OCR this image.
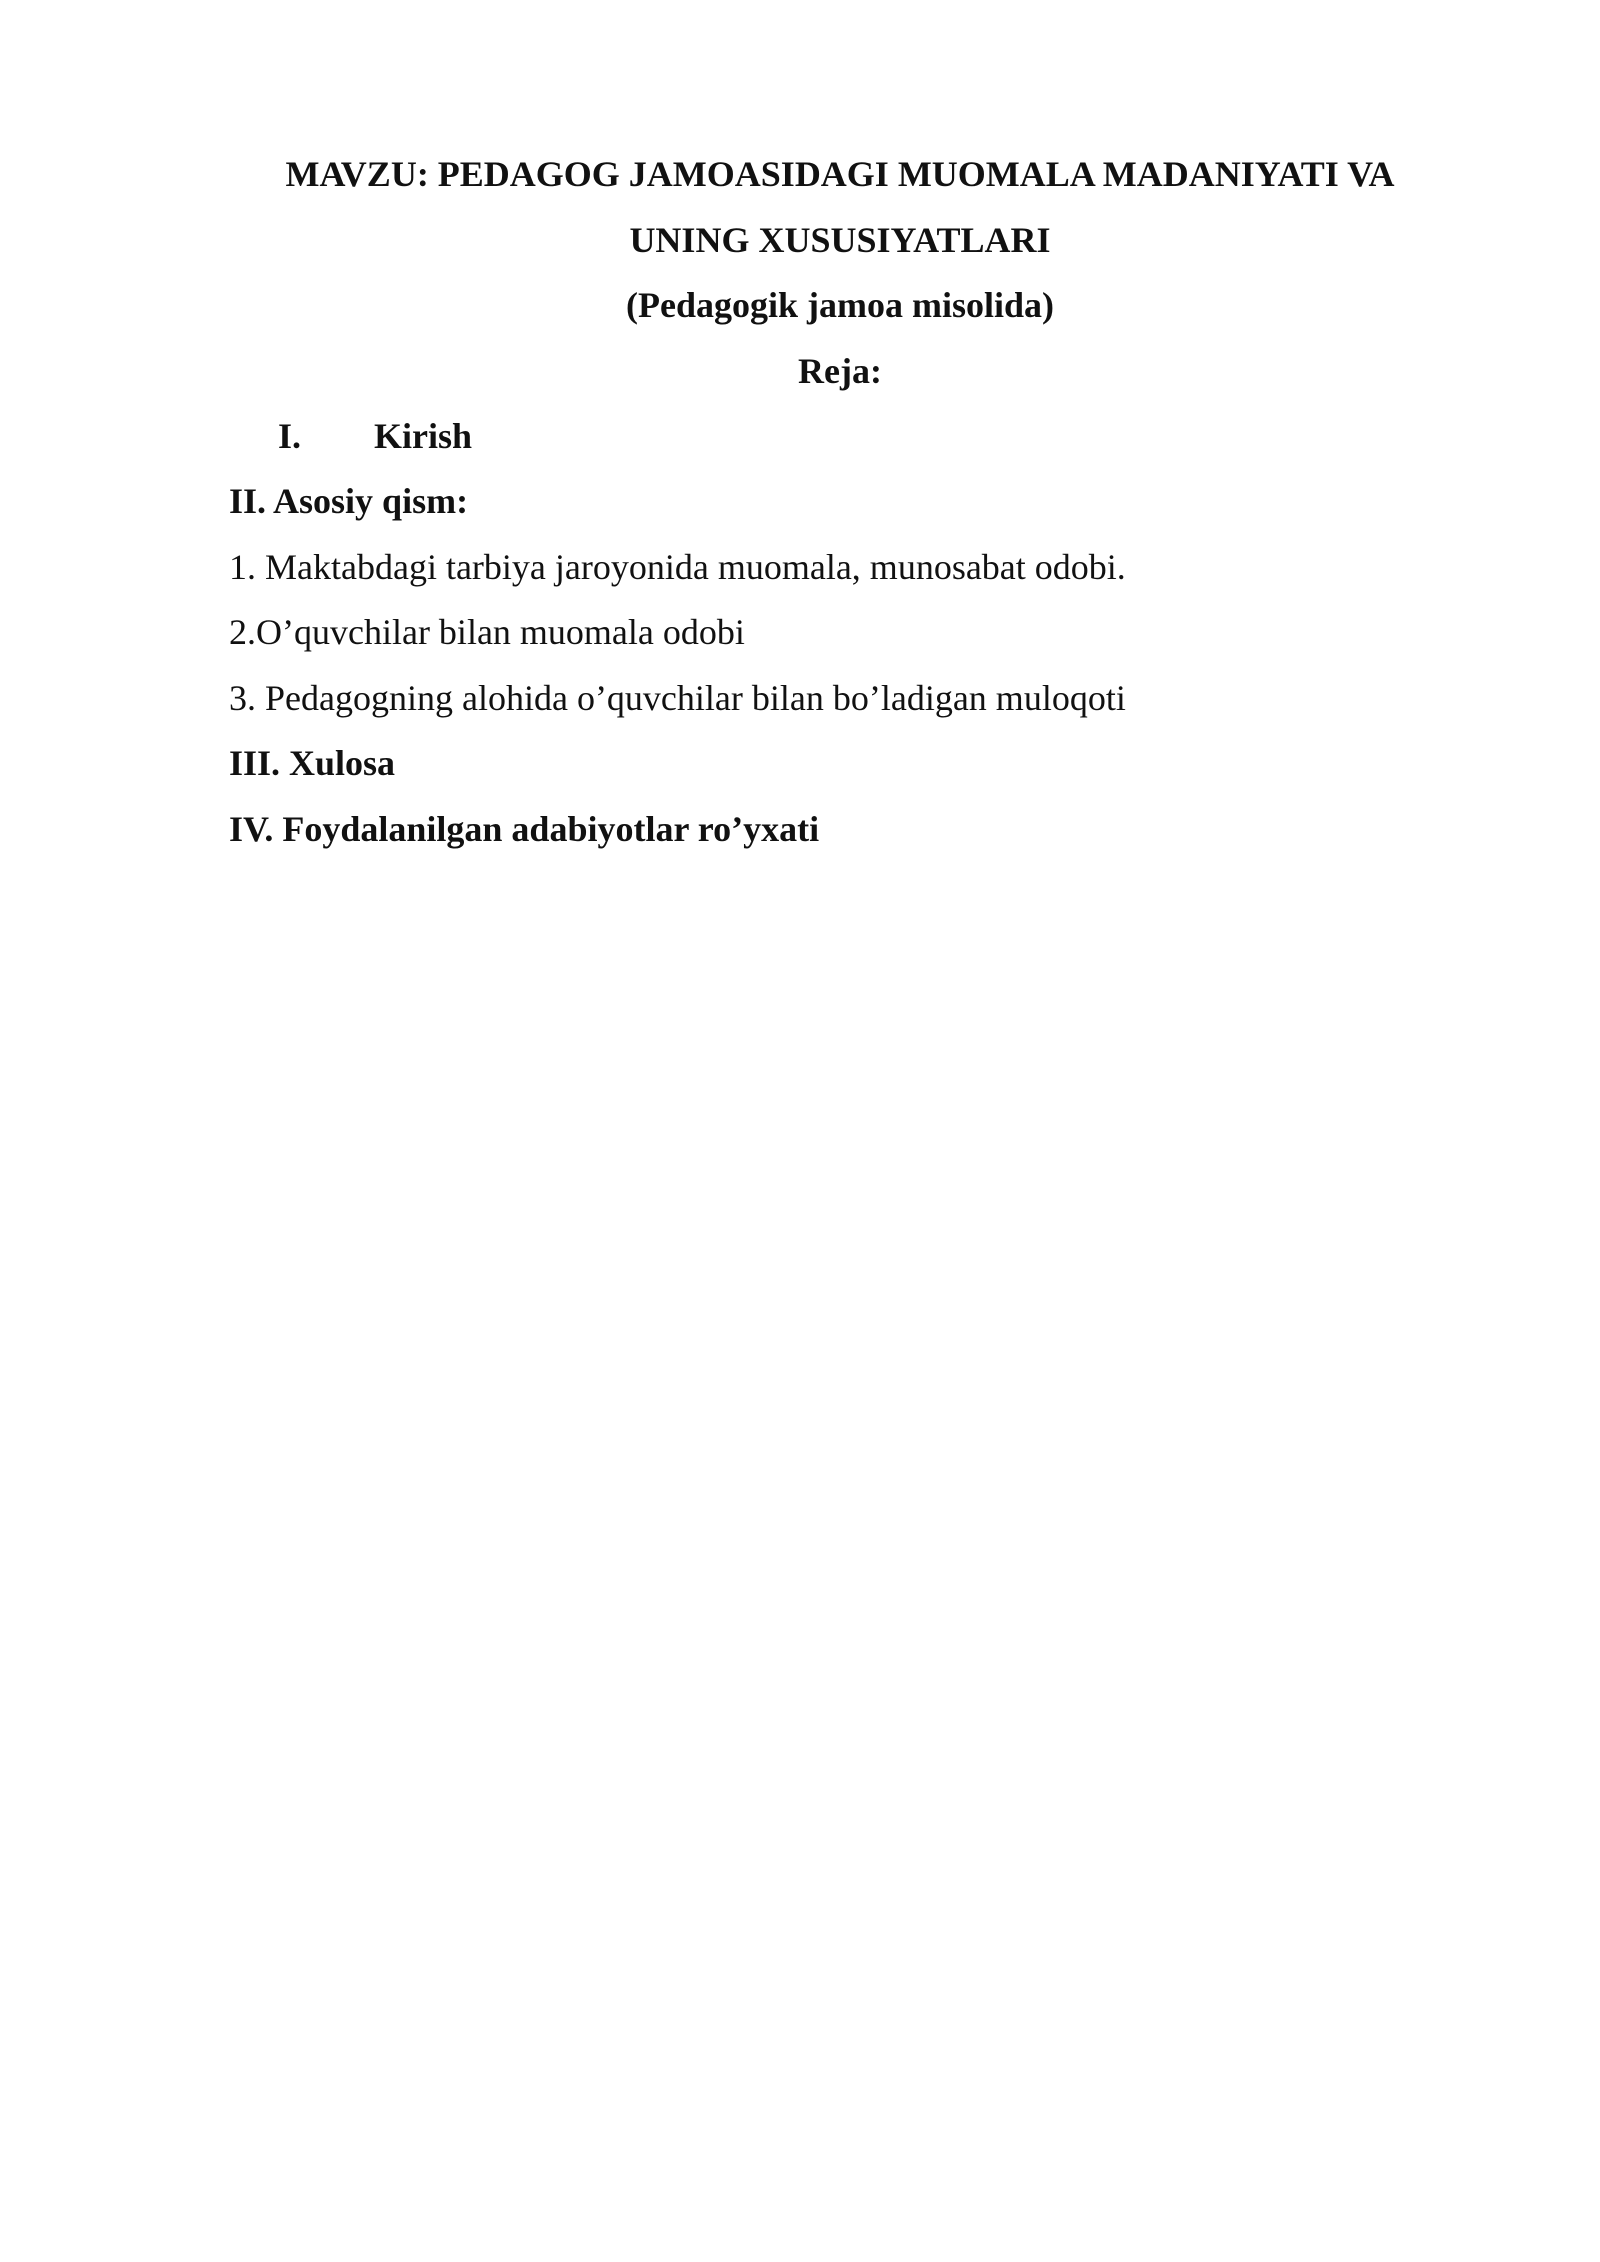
MAVZU: PEDAGOG JAMOASIDAGI MUOMALA MADANIYATI VA
UNING XUSUSIYATLARI
(Pedagogik jamoa misolida)
Reja:
I. Kirish
II. Asosiy qism:
1. Maktabdagi tarbiya jaroyonida muomala, munosabat odobi.
2.O’quvchilar bilan muomala odobi
3. Pedagogning alohida o’quvchilar bilan bo’ladigan muloqoti
III. Xulosa
IV. Foydalanilgan adabiyotlar ro’yxati
